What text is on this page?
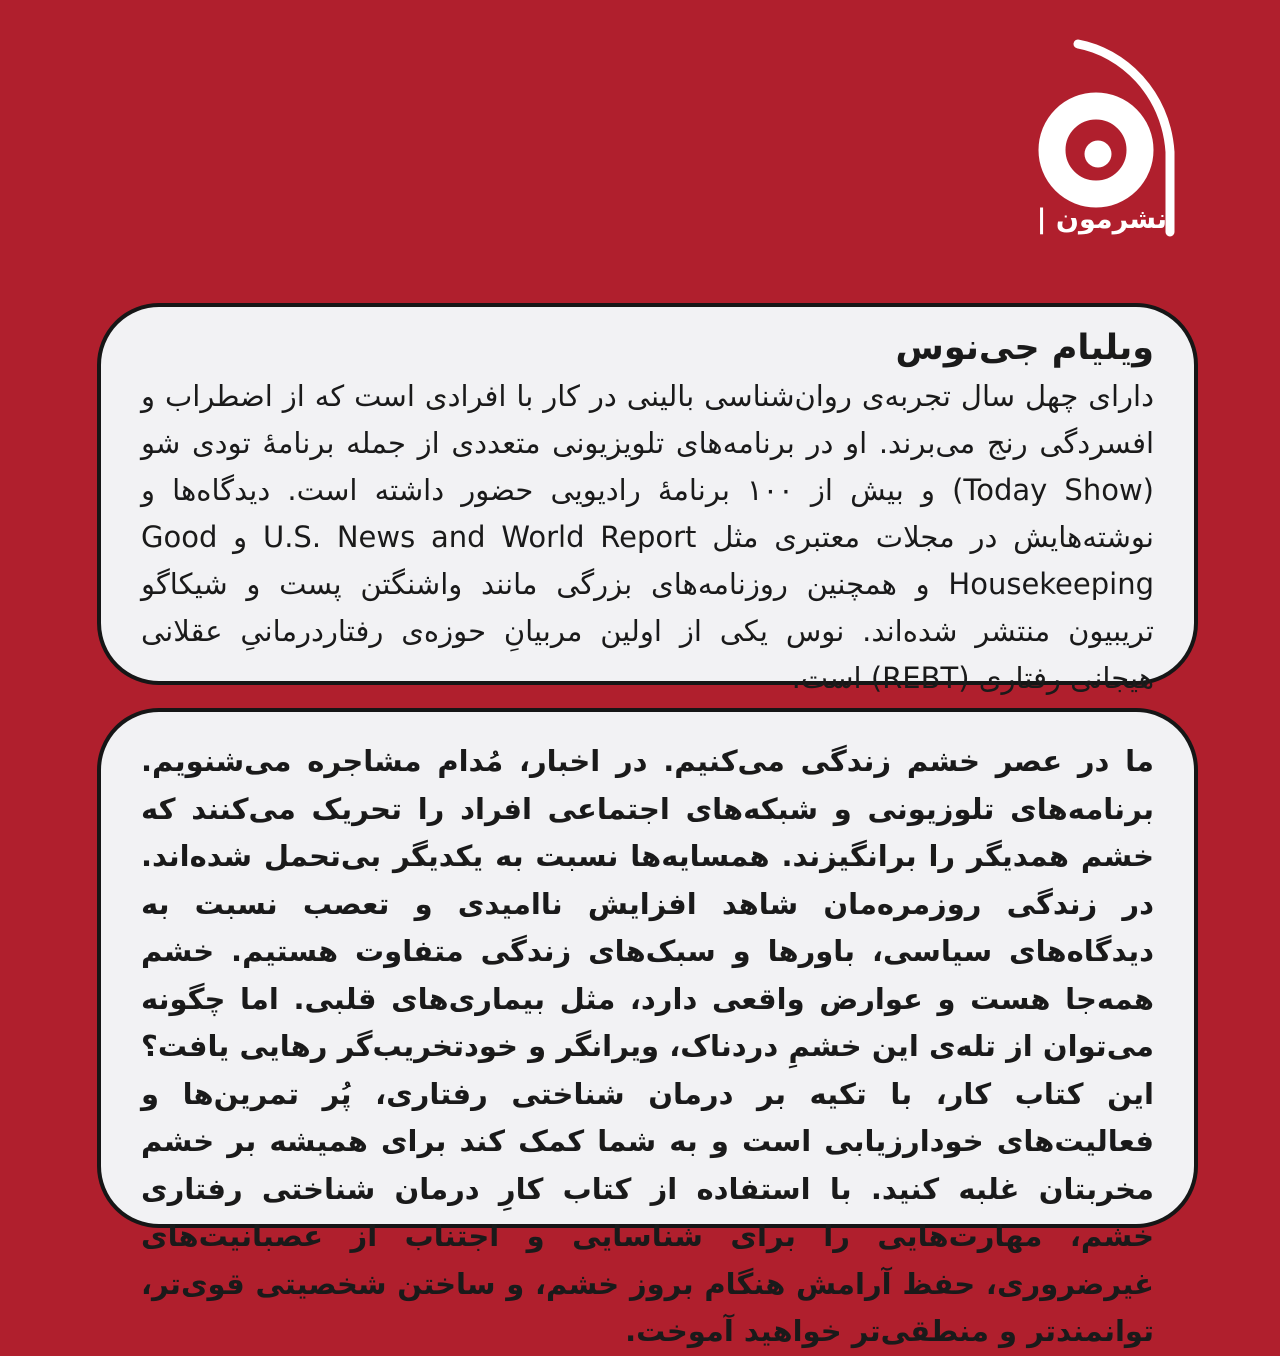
نشرمون |
ویلیام جی‌نوس

دارای چهل سال تجربه‌ی روان‌شناسی بالینی در کار با افرادی است که از اضطراب و افسردگی رنج می‌برند. او در برنامه‌های تلویزیونی متعددی از جمله برنامهٔ تودی شو (Today Show) و بیش از ۱۰۰ برنامهٔ رادیویی حضور داشته است. دیدگاه‌ها و نوشته‌هایش در مجلات معتبری مثل U.S. News and World Report و Good Housekeeping و همچنین روزنامه‌های بزرگی مانند واشنگتن پست و شیکاگو تریبیون منتشر شده‌اند. نوس یکی از اولین مربیانِ حوزه‌ی رفتاردرمانیِ عقلانی هیجانی رفتاری (REBT) است.

ما در عصر خشم زندگی می‌کنیم. در اخبار، مُدام مشاجره می‌شنویم. برنامه‌های تلوزیونی و شبکه‌های اجتماعی افراد را تحریک می‌کنند که خشم همدیگر را برانگیزند. همسایه‌ها نسبت به یکدیگر بی‌تحمل شده‌اند. در زندگی روزمره‌مان شاهد افزایش ناامیدی و تعصب نسبت به دیدگاه‌های سیاسی، باورها و سبک‌های زندگی متفاوت هستیم. خشم همه‌جا هست و عوارض واقعی دارد، مثل بیماری‌های قلبی. اما چگونه می‌توان از تله‌ی این خشمِ دردناک، ویرانگر و خودتخریب‌گر رهایی یافت؟ این کتاب کار، با تکیه بر درمان شناختی رفتاری، پُر تمرین‌ها و فعالیت‌های خودارزیابی است و به شما کمک کند برای همیشه بر خشم مخربتان غلبه کنید. با استفاده از کتاب کارِ درمان شناختی رفتاری خشم، مهارت‌هایی را برای شناسایی و اجتناب از عصبانیت‌های غیرضروری، حفظ آرامش هنگام بروز خشم، و ساختن شخصیتی قوی‌تر، توانمندتر و منطقی‌تر خواهید آموخت.
